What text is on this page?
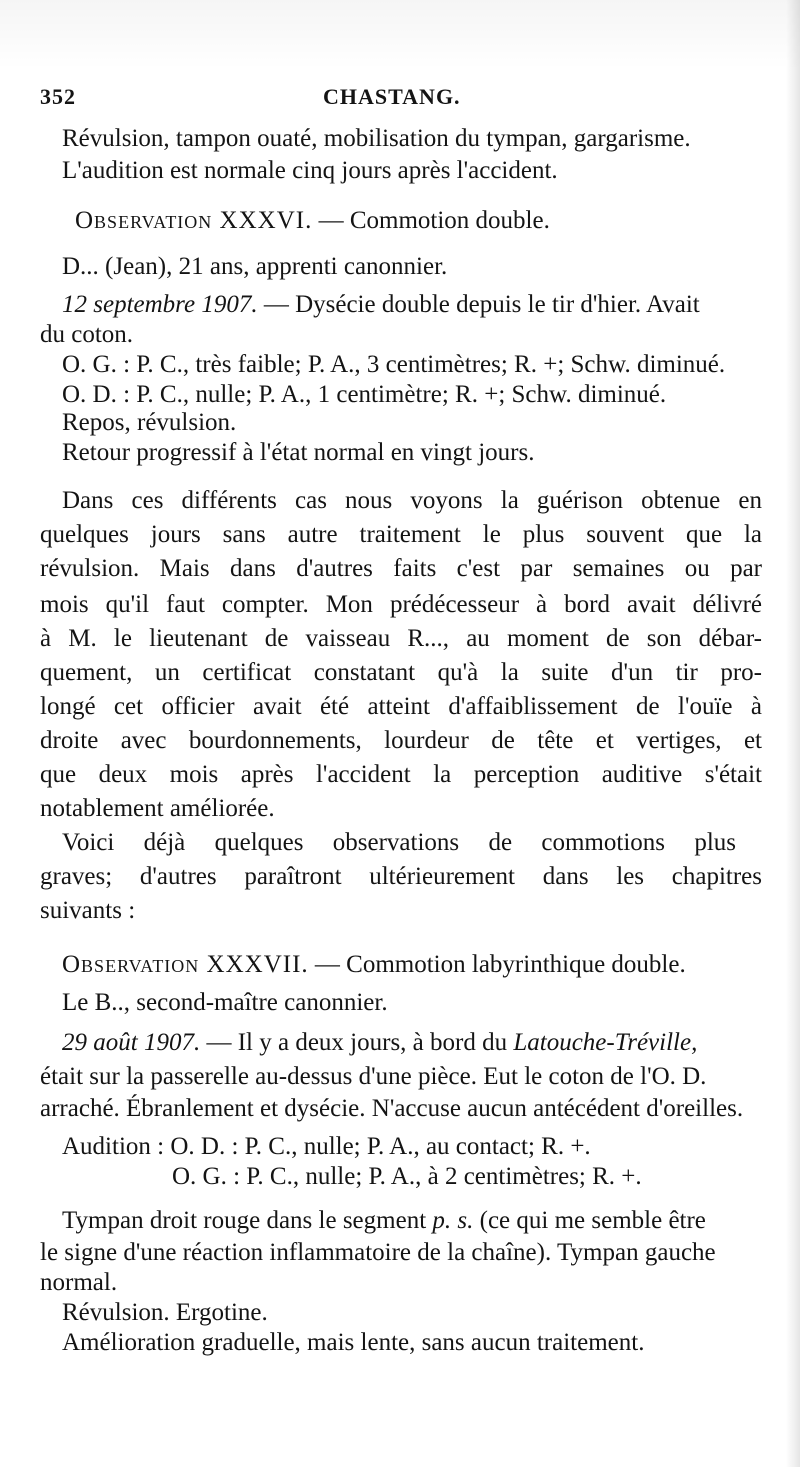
352	CHASTANG.
Révulsion, tampon ouaté, mobilisation du tympan, gargarisme.
L'audition est normale cinq jours après l'accident.
Observation XXXVI. — Commotion double.
D... (Jean), 21 ans, apprenti canonnier.
12 septembre 1907. — Dysécie double depuis le tir d'hier. Avait
du coton.
O. G. : P. C., très faible; P. A., 3 centimètres; R. +; Schw. diminué.
O. D. : P. C., nulle; P. A., 1 centimètre; R. +; Schw. diminué.
Repos, révulsion.
Retour progressif à l'état normal en vingt jours.
Dans ces différents cas nous voyons la guérison obtenue en
quelques jours sans autre traitement le plus souvent que la
révulsion. Mais dans d'autres faits c'est par semaines ou par
mois qu'il faut compter. Mon prédécesseur à bord avait délivré
à M. le lieutenant de vaisseau R..., au moment de son débar-
quement, un certificat constatant qu'à la suite d'un tir pro-
longé cet officier avait été atteint d'affaiblissement de l'ouïe à
droite avec bourdonnements, lourdeur de tête et vertiges, et
que deux mois après l'accident la perception auditive s'était
notablement améliorée.
Voici déjà quelques observations de commotions plus
graves; d'autres paraîtront ultérieurement dans les chapitres
suivants :
Observation XXXVII. — Commotion labyrinthique double.
Le B.., second-maître canonnier.
29 août 1907. — Il y a deux jours, à bord du Latouche-Tréville,
était sur la passerelle au-dessus d'une pièce. Eut le coton de l'O. D.
arraché. Ébranlement et dysécie. N'accuse aucun antécédent d'oreilles.
Audition : O. D. : P. C., nulle; P. A., au contact; R. +.
O. G. : P. C., nulle; P. A., à 2 centimètres; R. +.
Tympan droit rouge dans le segment p. s. (ce qui me semble être
le signe d'une réaction inflammatoire de la chaîne). Tympan gauche
normal.
Révulsion. Ergotine.
Amélioration graduelle, mais lente, sans aucun traitement.
